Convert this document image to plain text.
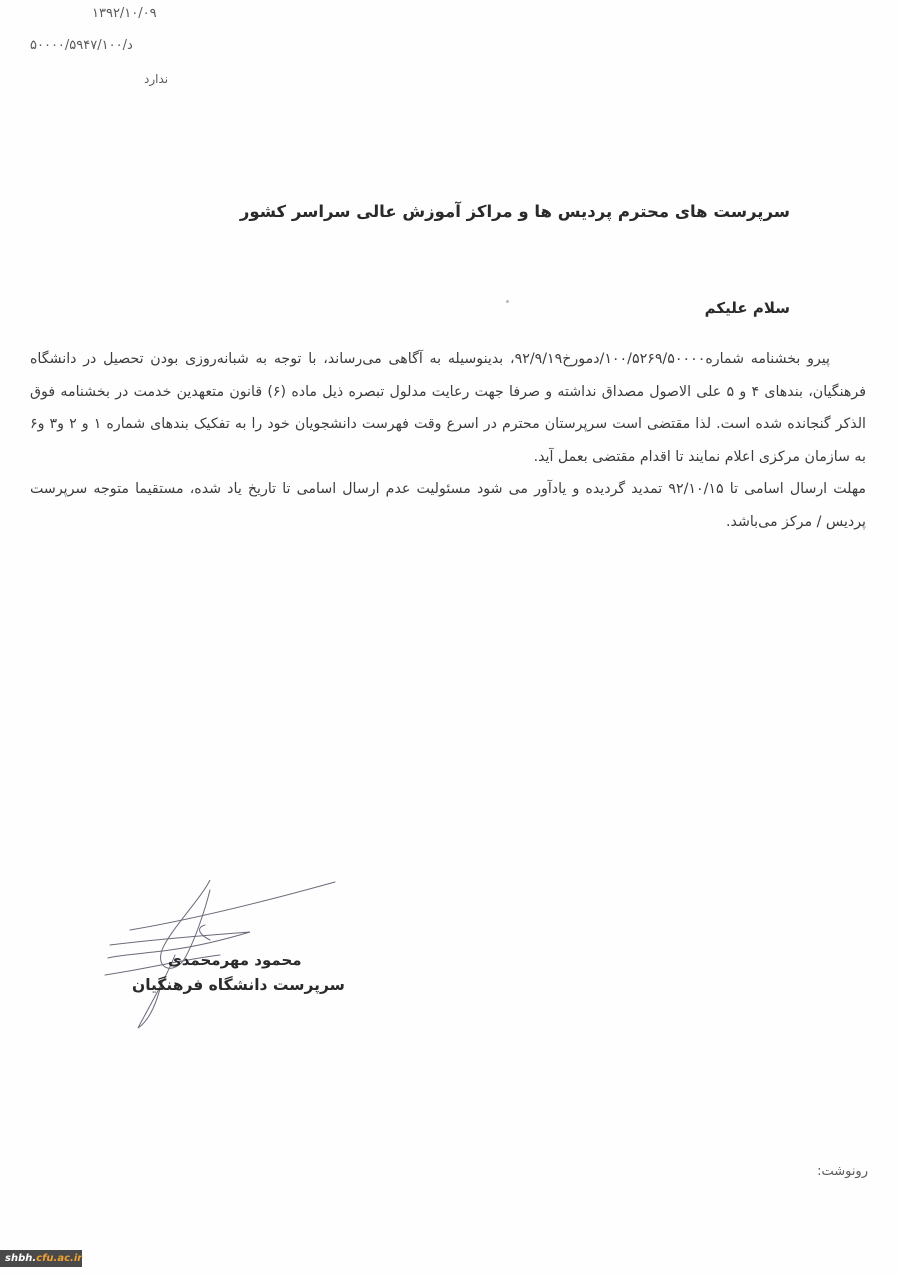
۱۳۹۲/۱۰/۰۹
د/۵۰۰۰۰/۵۹۴۷/۱۰۰
ندارد
سرپرست های محترم پردیس ها و مراکز آموزش عالی سراسر کشور
سلام علیکم

پیرو بخشنامه شماره۱۰۰/۵۲۶۹/۵۰۰۰۰/دمورخ۹۲/۹/۱۹، بدینوسیله به آگاهی می‌رساند، با توجه به شبانه‌روزی بودن تحصیل در دانشگاه فرهنگیان، بندهای ۴ و ۵ علی الاصول مصداق نداشته و صرفا جهت رعایت مدلول تبصره ذیل ماده (۶) قانون متعهدین خدمت در بخشنامه فوق الذکر گنجانده شده است. لذا مقتضی است سرپرستان محترم در اسرع وقت فهرست دانشجویان خود را به تفکیک بندهای شماره ۱ و ۲ و۳ و۶ به سازمان مرکزی اعلام نمایند تا اقدام مقتضی بعمل آید.

مهلت ارسال اسامی تا ۹۲/۱۰/۱۵ تمدید گردیده و یادآور می شود مسئولیت عدم ارسال اسامی تا تاریخ یاد شده، مستقیما متوجه سرپرست پردیس / مرکز می‌باشد.

محمود مهرمحمدی
سرپرست دانشگاه فرهنگیان
رونوشت:
shbh. cfu.ac.ir
